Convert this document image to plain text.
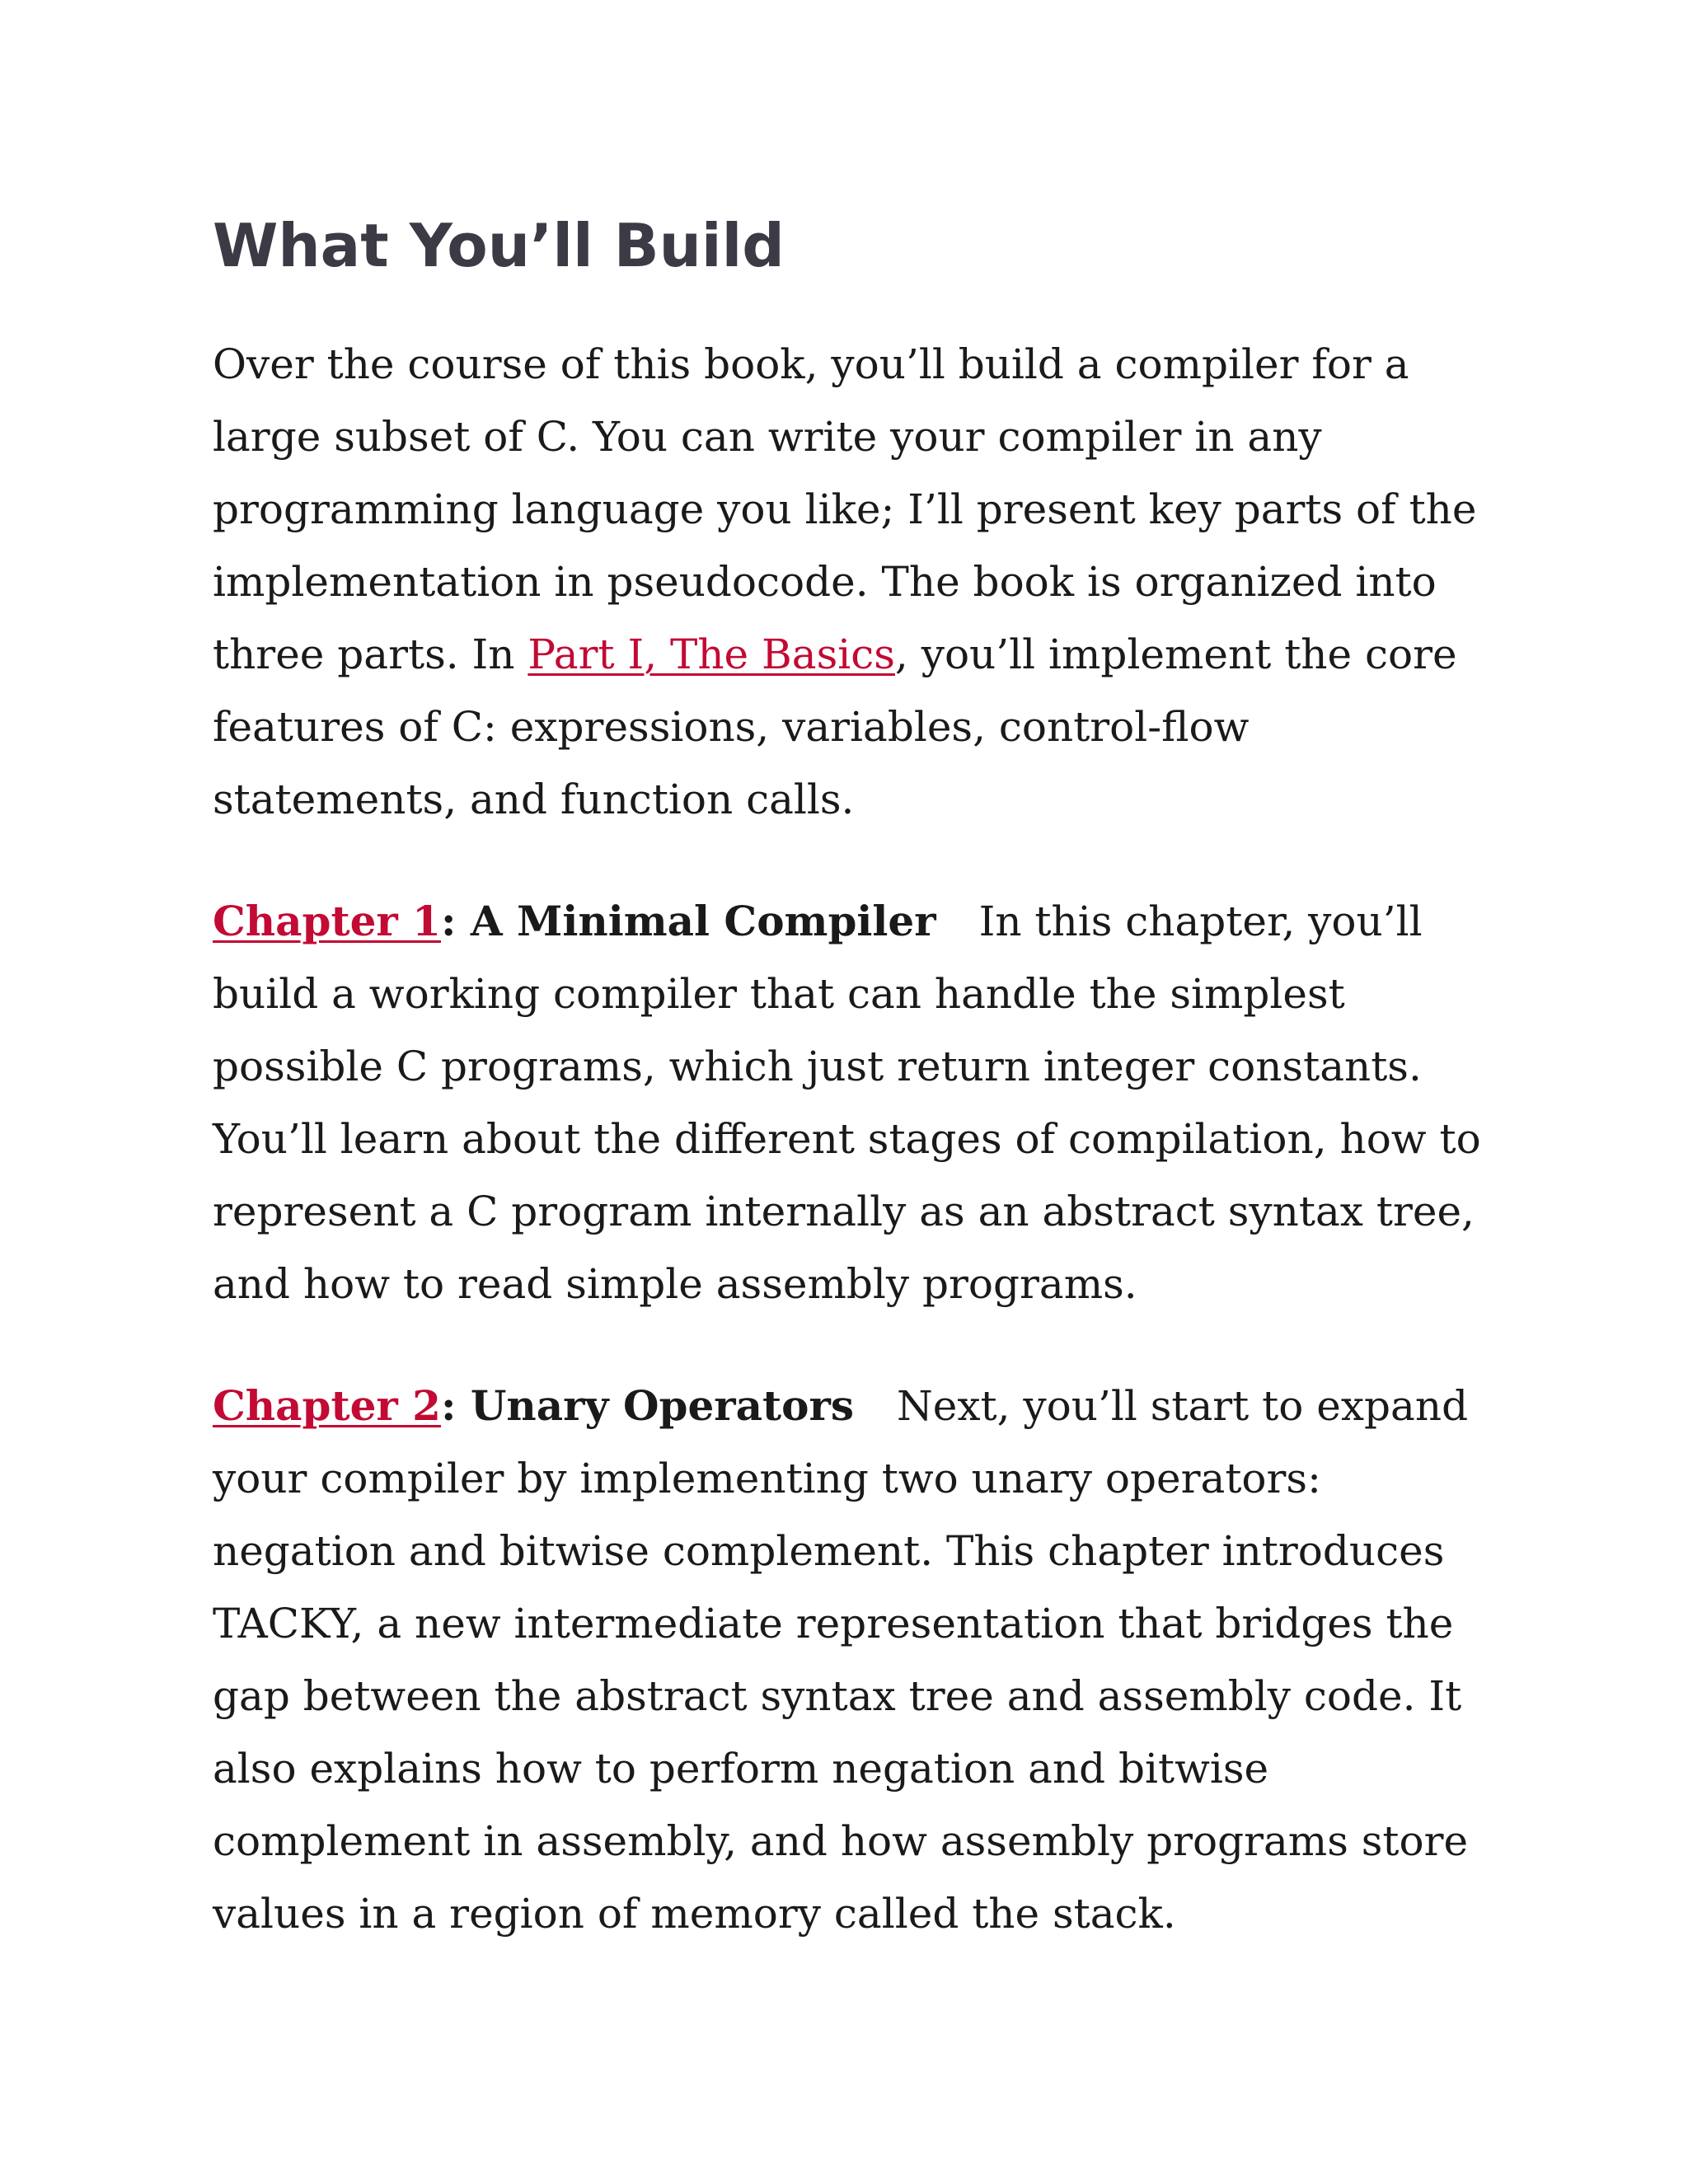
What You’ll Build

Over the course of this book, you’ll build a compiler for a large subset of C. You can write your compiler in any programming language you like; I’ll present key parts of the implementation in pseudocode. The book is organized into three parts. In Part I, The Basics, you’ll implement the core features of C: expressions, variables, control-flow statements, and function calls.

Chapter 1: A Minimal Compiler In this chapter, you’ll build a working compiler that can handle the simplest possible C programs, which just return integer constants. You’ll learn about the different stages of compilation, how to represent a C program internally as an abstract syntax tree, and how to read simple assembly programs.

Chapter 2: Unary Operators Next, you’ll start to expand your compiler by implementing two unary operators: negation and bitwise complement. This chapter introduces TACKY, a new intermediate representation that bridges the gap between the abstract syntax tree and assembly code. It also explains how to perform negation and bitwise complement in assembly, and how assembly programs store values in a region of memory called the stack.
